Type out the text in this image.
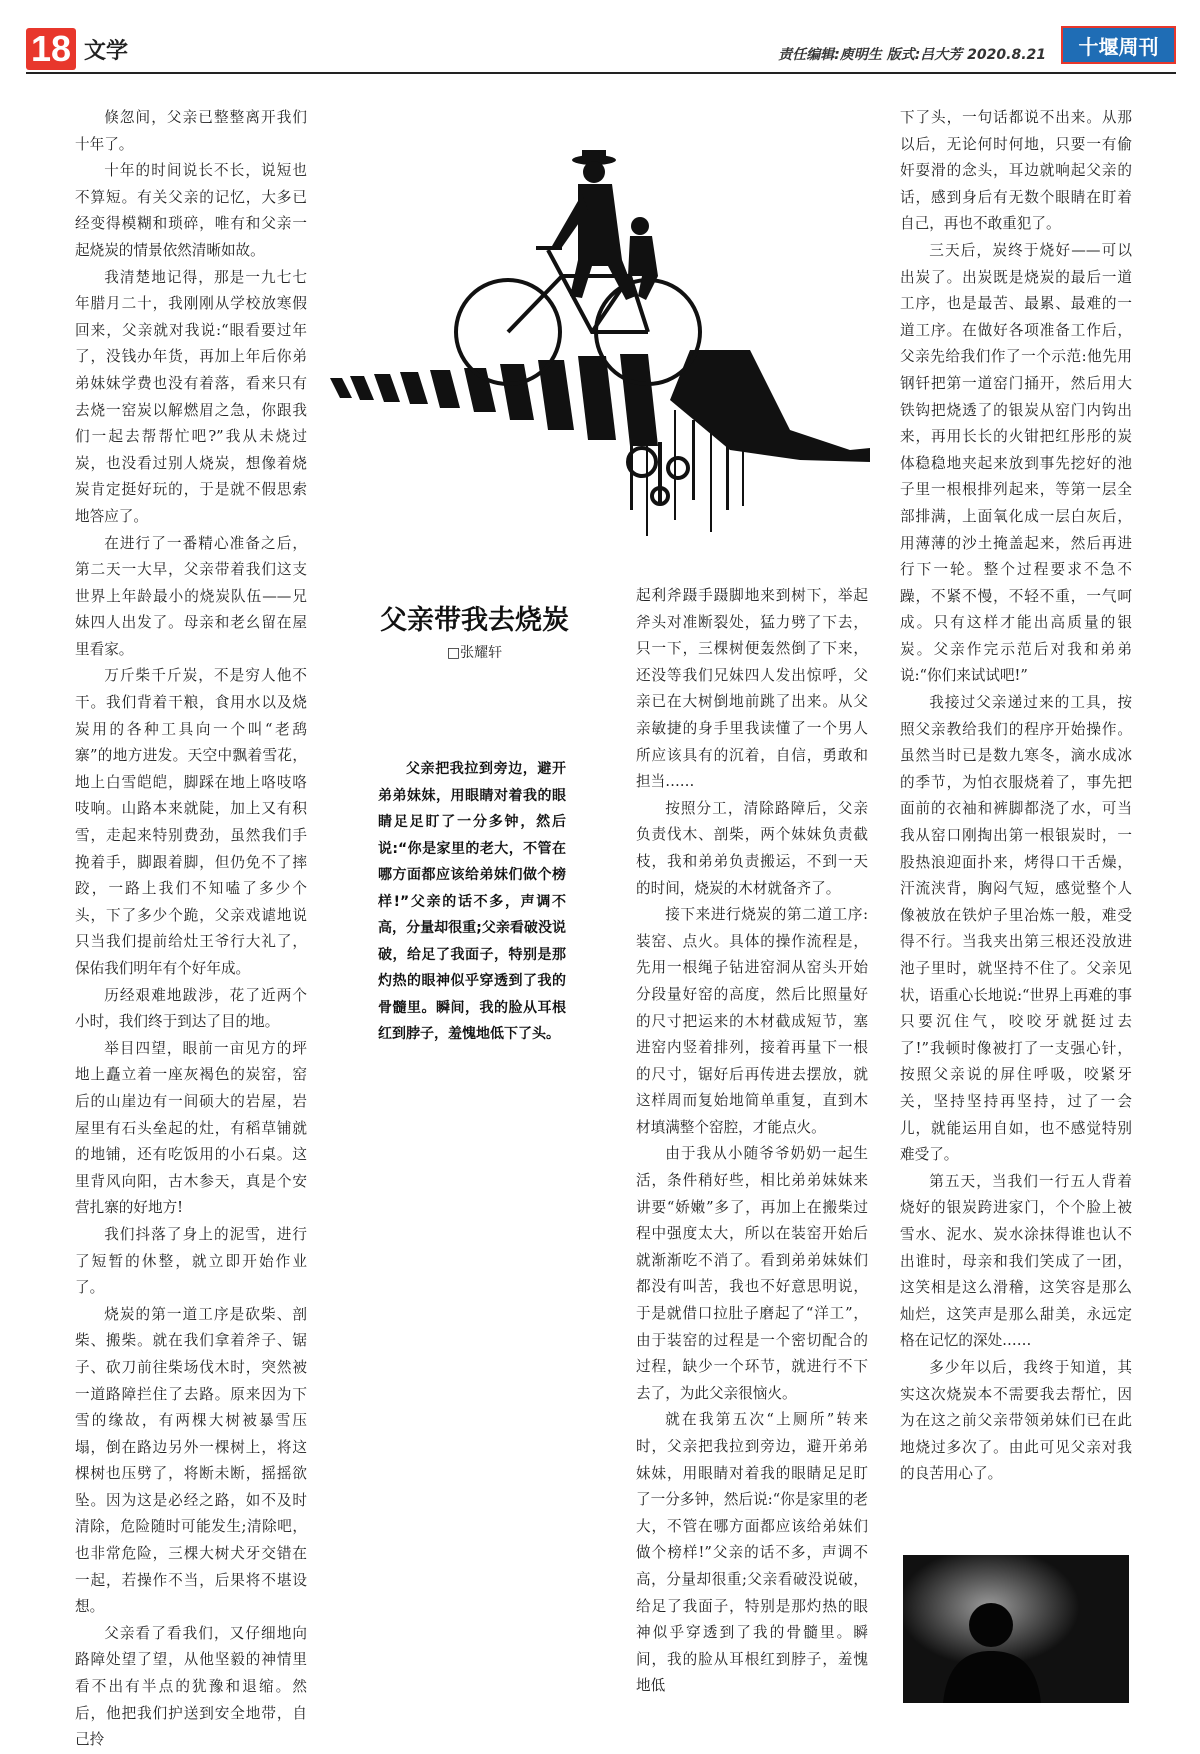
18 文学	责任编辑:庾明生 版式:吕大芳 2020.8.21	十堰周刊

倏忽间，父亲已整整离开我们十年了。

十年的时间说长不长，说短也不算短。有关父亲的记忆，大多已经变得模糊和琐碎，唯有和父亲一起烧炭的情景依然清晰如故。

我清楚地记得，那是一九七七年腊月二十，我刚刚从学校放寒假回来，父亲就对我说:“眼看要过年了，没钱办年货，再加上年后你弟弟妹妹学费也没有着落，看来只有去烧一窑炭以解燃眉之急，你跟我们一起去帮帮忙吧?”我从未烧过炭，也没看过别人烧炭，想像着烧炭肯定挺好玩的，于是就不假思索地答应了。

在进行了一番精心准备之后，第二天一大早，父亲带着我们这支世界上年龄最小的烧炭队伍——兄妹四人出发了。母亲和老幺留在屋里看家。

万斤柴千斤炭，不是穷人他不干。我们背着干粮，食用水以及烧炭用的各种工具向一个叫“老鸹寨”的地方进发。天空中飘着雪花，地上白雪皑皑，脚踩在地上咯吱咯吱响。山路本来就陡，加上又有积雪，走起来特别费劲，虽然我们手挽着手，脚跟着脚，但仍免不了摔跤，一路上我们不知嗑了多少个头，下了多少个跪，父亲戏谑地说只当我们提前给灶王爷行大礼了，保佑我们明年有个好年成。

历经艰难地跋涉，花了近两个小时，我们终于到达了目的地。

举目四望，眼前一亩见方的坪地上矗立着一座灰褐色的炭窑，窑后的山崖边有一间硕大的岩屋，岩屋里有石头垒起的灶，有稻草铺就的地铺，还有吃饭用的小石桌。这里背风向阳，古木参天，真是个安营扎寨的好地方!

我们抖落了身上的泥雪，进行了短暂的休整，就立即开始作业了。

烧炭的第一道工序是砍柴、剖柴、搬柴。就在我们拿着斧子、锯子、砍刀前往柴场伐木时，突然被一道路障拦住了去路。原来因为下雪的缘故，有两棵大树被暴雪压塌，倒在路边另外一棵树上，将这棵树也压劈了，将断未断，摇摇欲坠。因为这是必经之路，如不及时清除，危险随时可能发生;清除吧，也非常危险，三棵大树犬牙交错在一起，若操作不当，后果将不堪设想。

父亲看了看我们，又仔细地向路障处望了望，从他坚毅的神情里看不出有半点的犹豫和退缩。然后，他把我们护送到安全地带，自己拎

父亲带我去烧炭
□张耀轩

父亲把我拉到旁边，避开弟弟妹妹，用眼睛对着我的眼睛足足盯了一分多钟，然后说:“你是家里的老大，不管在哪方面都应该给弟妹们做个榜样!”父亲的话不多，声调不高，分量却很重;父亲看破没说破，给足了我面子，特别是那灼热的眼神似乎穿透到了我的骨髓里。瞬间，我的脸从耳根红到脖子，羞愧地低下了头。

起利斧蹑手蹑脚地来到树下，举起斧头对准断裂处，猛力劈了下去，只一下，三棵树便轰然倒了下来，还没等我们兄妹四人发出惊呼，父亲已在大树倒地前跳了出来。从父亲敏捷的身手里我读懂了一个男人所应该具有的沉着，自信，勇敢和担当……

按照分工，清除路障后，父亲负责伐木、剖柴，两个妹妹负责截枝，我和弟弟负责搬运，不到一天的时间，烧炭的木材就备齐了。

接下来进行烧炭的第二道工序:装窑、点火。具体的操作流程是，先用一根绳子钻进窑洞从窑头开始分段量好窑的高度，然后比照量好的尺寸把运来的木材截成短节，塞进窑内竖着排列，接着再量下一根的尺寸，锯好后再传进去摆放，就这样周而复始地简单重复，直到木材填满整个窑腔，才能点火。

由于我从小随爷爷奶奶一起生活，条件稍好些，相比弟弟妹妹来讲要“娇嫩”多了，再加上在搬柴过程中强度太大，所以在装窑开始后就渐渐吃不消了。看到弟弟妹妹们都没有叫苦，我也不好意思明说，于是就借口拉肚子磨起了“洋工”，由于装窑的过程是一个密切配合的过程，缺少一个环节，就进行不下去了，为此父亲很恼火。

就在我第五次“上厕所”转来时，父亲把我拉到旁边，避开弟弟妹妹，用眼睛对着我的眼睛足足盯了一分多钟，然后说:“你是家里的老大，不管在哪方面都应该给弟妹们做个榜样!”父亲的话不多，声调不高，分量却很重;父亲看破没说破，给足了我面子，特别是那灼热的眼神似乎穿透到了我的骨髓里。瞬间，我的脸从耳根红到脖子，羞愧地低

下了头，一句话都说不出来。从那以后，无论何时何地，只要一有偷奸耍滑的念头，耳边就响起父亲的话，感到身后有无数个眼睛在盯着自己，再也不敢重犯了。

三天后，炭终于烧好——可以出炭了。出炭既是烧炭的最后一道工序，也是最苦、最累、最难的一道工序。在做好各项准备工作后，父亲先给我们作了一个示范:他先用钢钎把第一道窑门捅开，然后用大铁钩把烧透了的银炭从窑门内钩出来，再用长长的火钳把红彤彤的炭体稳稳地夹起来放到事先挖好的池子里一根根排列起来，等第一层全部排满，上面氧化成一层白灰后，用薄薄的沙土掩盖起来，然后再进行下一轮。整个过程要求不急不躁，不紧不慢，不轻不重，一气呵成。只有这样才能出高质量的银炭。父亲作完示范后对我和弟弟说:“你们来试试吧!”

我接过父亲递过来的工具，按照父亲教给我们的程序开始操作。虽然当时已是数九寒冬，滴水成冰的季节，为怕衣服烧着了，事先把面前的衣袖和裤脚都浇了水，可当我从窑口刚掏出第一根银炭时，一股热浪迎面扑来，烤得口干舌燥，汗流浃背，胸闷气短，感觉整个人像被放在铁炉子里冶炼一般，难受得不行。当我夹出第三根还没放进池子里时，就坚持不住了。父亲见状，语重心长地说:“世界上再难的事只要沉住气，咬咬牙就挺过去了!”我顿时像被打了一支强心针，按照父亲说的屏住呼吸，咬紧牙关，坚持坚持再坚持，过了一会儿，就能运用自如，也不感觉特别难受了。

第五天，当我们一行五人背着烧好的银炭跨进家门，个个脸上被雪水、泥水、炭水涂抹得谁也认不出谁时，母亲和我们笑成了一团，这笑相是这么滑稽，这笑容是那么灿烂，这笑声是那么甜美，永远定格在记忆的深处……

多少年以后，我终于知道，其实这次烧炭本不需要我去帮忙，因为在这之前父亲带领弟妹们已在此地烧过多次了。由此可见父亲对我的良苦用心了。
